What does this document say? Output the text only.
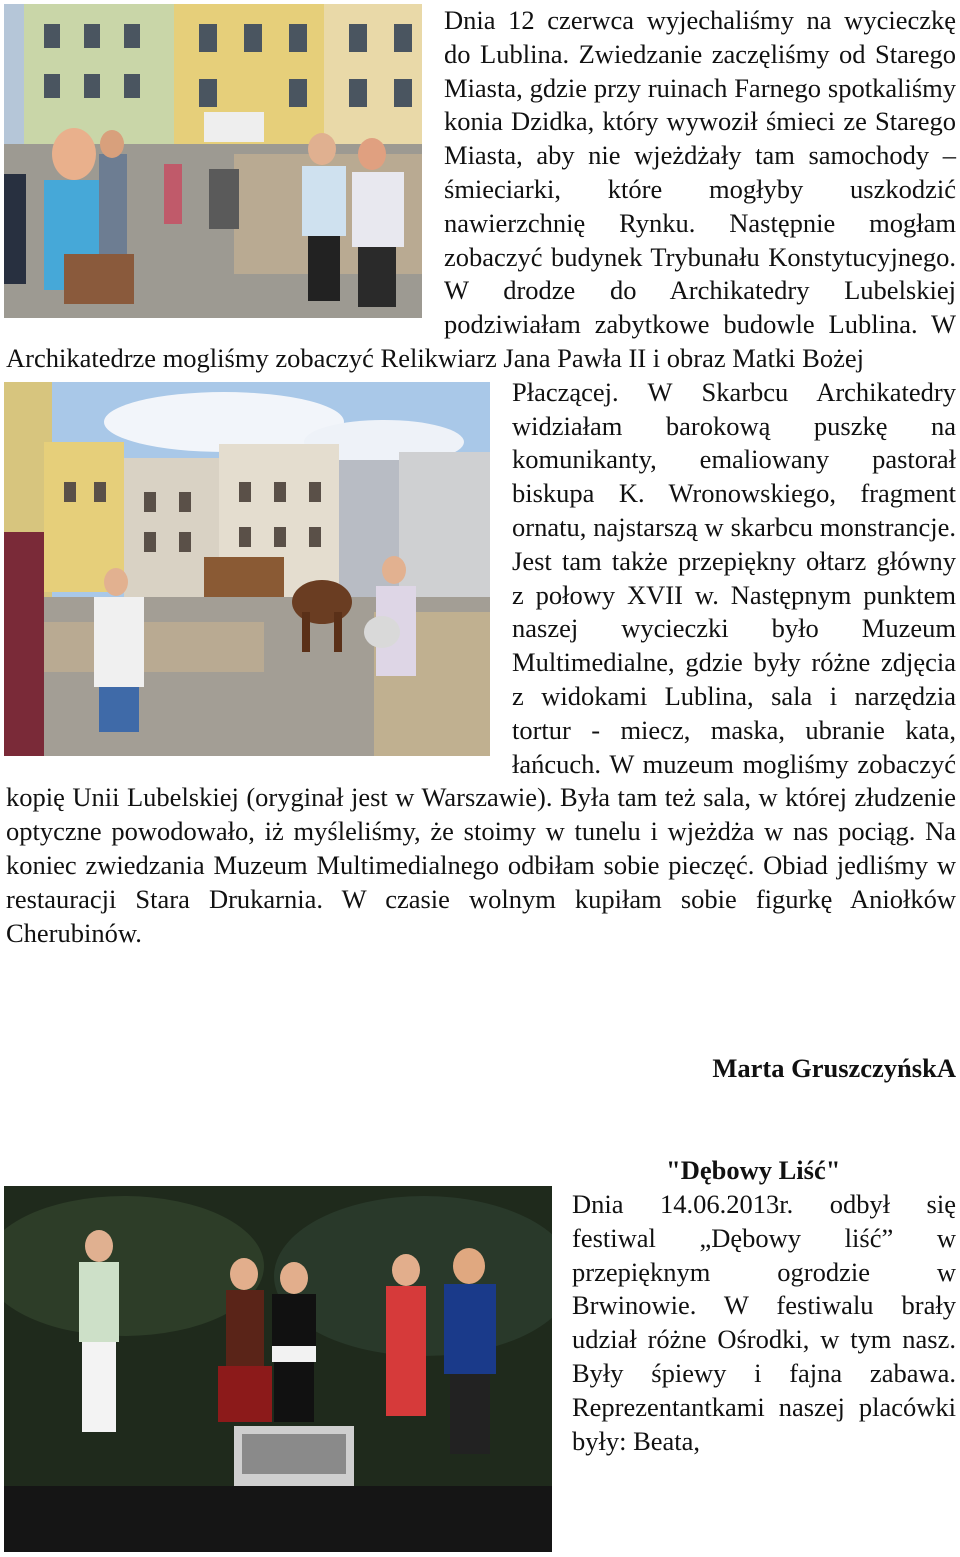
Dnia 12 czerwca wyjechaliśmy na wycieczkę do Lublina. Zwiedzanie zaczęliśmy od Starego Miasta, gdzie przy ruinach Farnego spotkaliśmy konia Dzidka, który wywoził śmieci ze Starego Miasta, aby nie wjeżdżały tam samochody – śmieciarki, które mogłyby uszkodzić nawierzchnię Rynku. Następnie mogłam zobaczyć budynek Trybunału Konstytucyjnego. W drodze do Archikatedry Lubelskiej podziwiałam zabytkowe budowle Lublina. W Archikatedrze mogliśmy zobaczyć Relikwiarz Jana Pawła II i obraz Matki Bożej

Płaczącej. W Skarbcu Archikatedry widziałam barokową puszkę na komunikanty, emaliowany pastorał biskupa K. Wronowskiego, fragment ornatu, najstarszą w skarbcu monstrancje. Jest tam także przepiękny ołtarz główny z połowy XVII w. Następnym punktem naszej wycieczki było Muzeum Multimedialne, gdzie były różne zdjęcia z widokami Lublina, sala i narzędzia tortur - miecz, maska, ubranie kata, łańcuch. W muzeum mogliśmy zobaczyć kopię Unii Lubelskiej (oryginał jest w Warszawie). Była tam też sala, w której złudzenie optyczne powodowało, iż myśleliśmy, że stoimy w tunelu i wjeżdża w nas pociąg. Na koniec zwiedzania Muzeum Multimedialnego odbiłam sobie pieczęć. Obiad jedliśmy w restauracji Stara Drukarnia. W czasie wolnym kupiłam sobie figurkę Aniołków Cherubinów.

Marta GruszczyńskA

"Dębowy Liść"

Dnia 14.06.2013r. odbył się festiwal „Dębowy liść” w przepięknym ogrodzie w Brwinowie. W festiwalu brały udział różne Ośrodki, w tym nasz. Były śpiewy i fajna zabawa. Reprezentantkami naszej placówki były: Beata,
